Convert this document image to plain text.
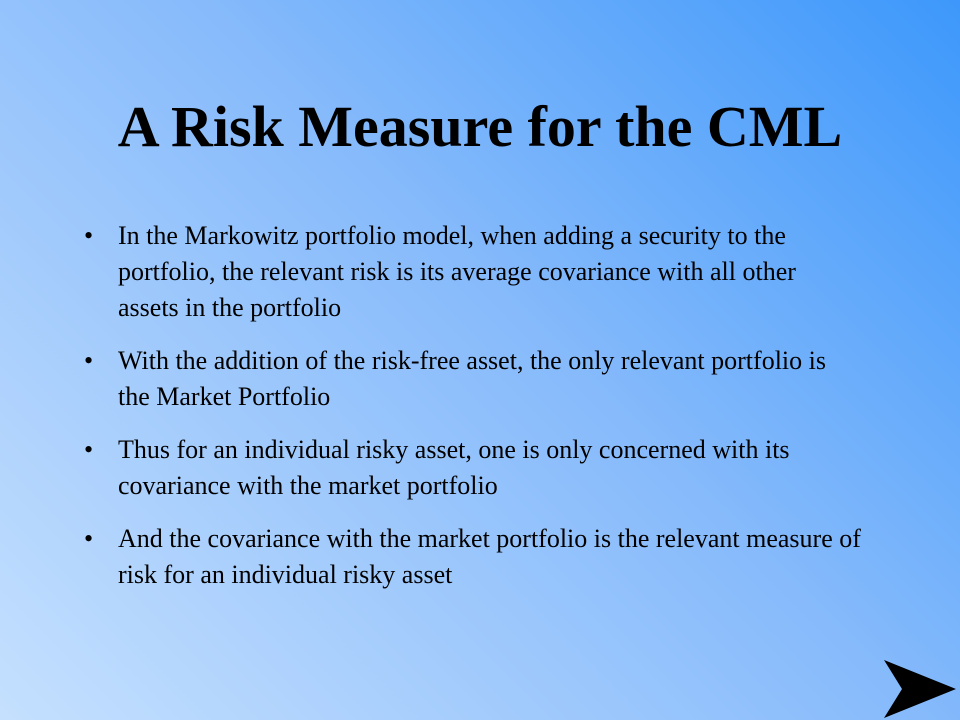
A Risk Measure for the CML
• In the Markowitz portfolio model, when adding a security to the portfolio, the relevant risk is its average covariance with all other assets in the portfolio
• With the addition of the risk-free asset, the only relevant portfolio is the Market Portfolio
• Thus for an individual risky asset, one is only concerned with its covariance with the market portfolio
• And the covariance with the market portfolio is the relevant measure of risk for an individual risky asset
